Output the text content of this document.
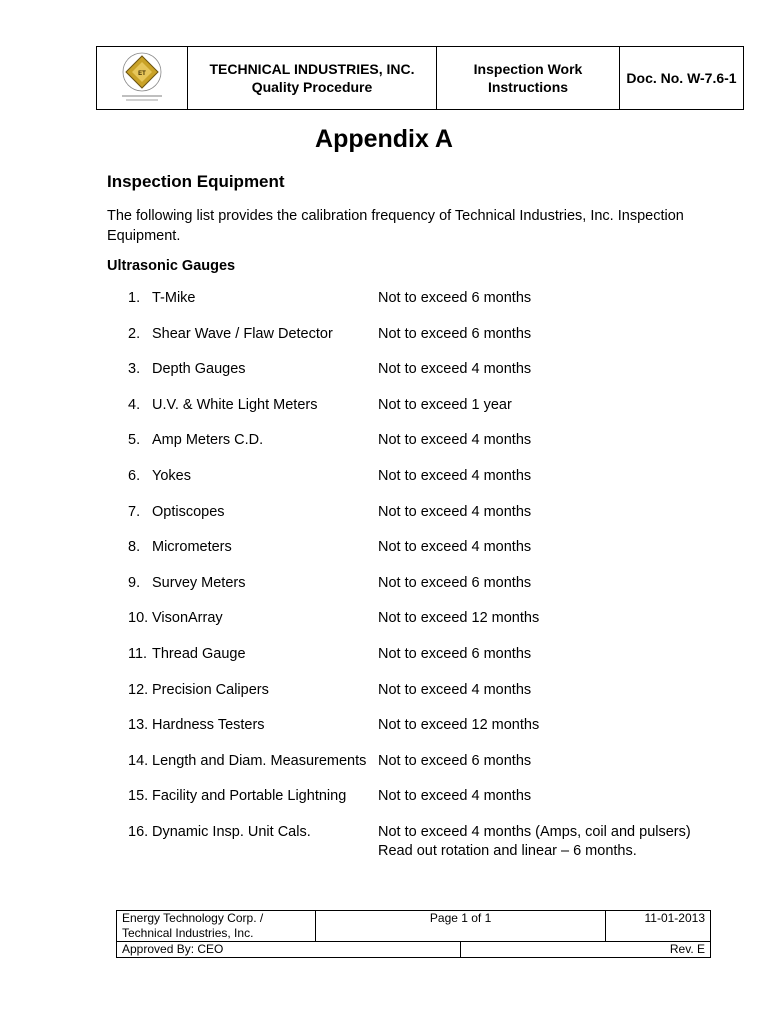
ET	TECHNICAL INDUSTRIES, INC.
Quality Procedure
	Inspection Work Instructions	Doc. No. W-7.6-1
Appendix A
Inspection Equipment
The following list provides the calibration frequency of Technical Industries, Inc. Inspection Equipment.
Ultrasonic Gauges
1. T-Mike	Not to exceed 6 months
2. Shear Wave / Flaw Detector	Not to exceed 6 months
3. Depth Gauges	Not to exceed 4 months
4. U.V. & White Light Meters	Not to exceed 1 year
5. Amp Meters C.D.	Not to exceed 4 months
6. Yokes	Not to exceed 4 months
7. Optiscopes	Not to exceed 4 months
8. Micrometers	Not to exceed 4 months
9. Survey Meters	Not to exceed 6 months
10. VisonArray	Not to exceed 12 months
11. Thread Gauge	Not to exceed 6 months
12. Precision Calipers	Not to exceed 4 months
13. Hardness Testers	Not to exceed 12 months
14. Length and Diam. Measurements Not to exceed 6 months
15. Facility and Portable Lightning	Not to exceed 4 months
16. Dynamic Insp. Unit Cals.	Not to exceed 4 months (Amps, coil and pulsers)
Read out rotation and linear – 6 months.
Energy Technology Corp. /
Technical Industries, Inc.	Page 1 of 1		11-01-2013
Approved By: CEO		Rev. E	
